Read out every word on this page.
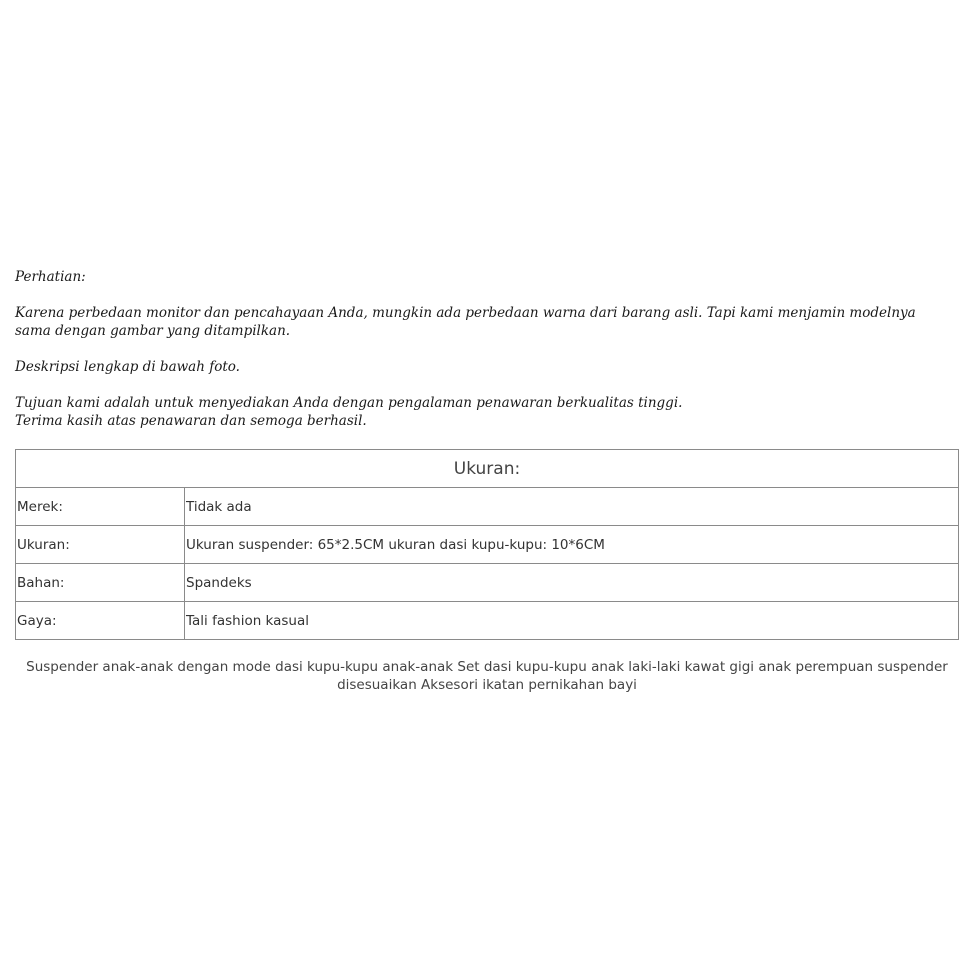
Perhatian:

Karena perbedaan monitor dan pencahayaan Anda, mungkin ada perbedaan warna dari barang asli. Tapi kami menjamin modelnya sama dengan gambar yang ditampilkan.

Deskripsi lengkap di bawah foto.

Tujuan kami adalah untuk menyediakan Anda dengan pengalaman penawaran berkualitas tinggi.

Terima kasih atas penawaran dan semoga berhasil.

Ukuran:	
Merek:	Tidak ada
Ukuran:	Ukuran suspender: 65*2.5CM ukuran dasi kupu-kupu: 10*6CM
Bahan:	Spandeks
Gaya:	Tali fashion kasual
Suspender anak-anak dengan mode dasi kupu-kupu anak-anak Set dasi kupu-kupu anak laki-laki kawat gigi anak perempuan suspender disesuaikan Aksesori ikatan pernikahan bayi
